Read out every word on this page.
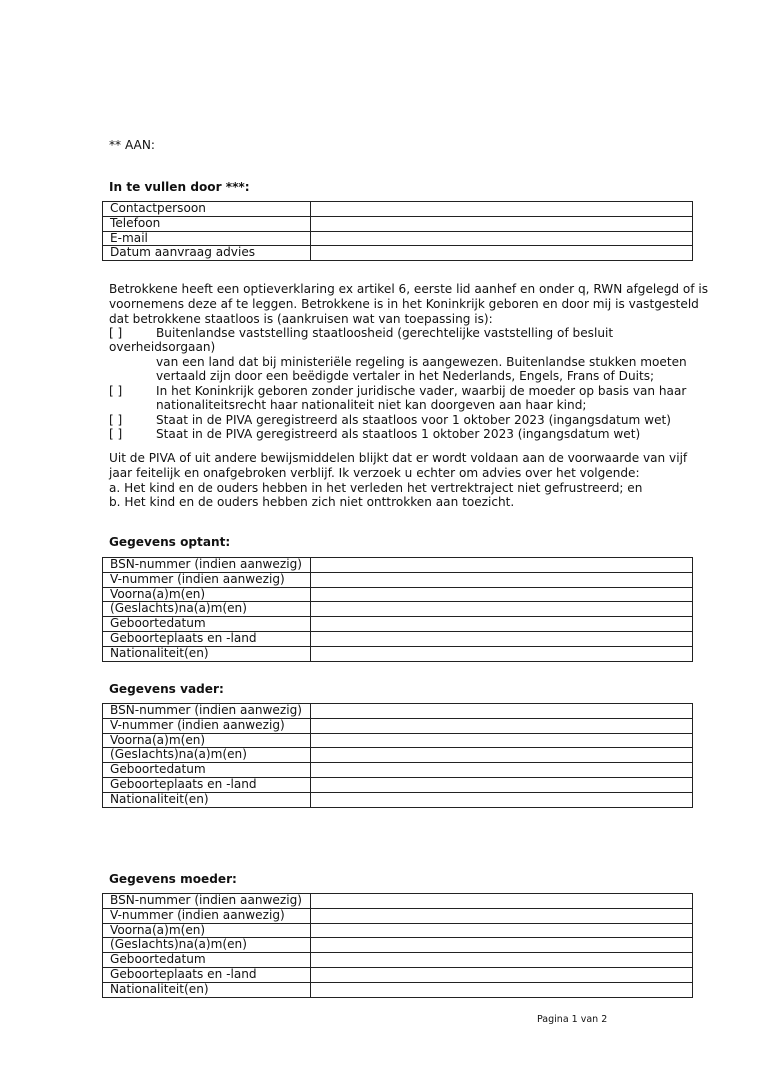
** AAN:
In te vullen door ***:
Contactpersoon	
Telefoon	
E-mail	
Datum aanvraag advies	
Betrokkene heeft een optieverklaring ex artikel 6, eerste lid aanhef en onder q, RWN afgelegd of is
voornemens deze af te leggen. Betrokkene is in het Koninkrijk geboren en door mij is vastgesteld
dat betrokkene staatloos is (aankruisen wat van toepassing is):
[ ]	Buitenlandse vaststelling staatloosheid (gerechtelijke vaststelling of besluit
overheidsorgaan)
van een land dat bij ministeriële regeling is aangewezen. Buitenlandse stukken moeten
vertaald zijn door een beëdigde vertaler in het Nederlands, Engels, Frans of Duits;
[ ]	In het Koninkrijk geboren zonder juridische vader, waarbij de moeder op basis van haar
nationaliteitsrecht haar nationaliteit niet kan doorgeven aan haar kind;
[ ]	Staat in de PIVA geregistreerd als staatloos voor 1 oktober 2023 (ingangsdatum wet)
[ ]	Staat in de PIVA geregistreerd als staatloos 1 oktober 2023 (ingangsdatum wet)
Uit de PIVA of uit andere bewijsmiddelen blijkt dat er wordt voldaan aan de voorwaarde van vijf
jaar feitelijk en onafgebroken verblijf. Ik verzoek u echter om advies over het volgende:
a. Het kind en de ouders hebben in het verleden het vertrektraject niet gefrustreerd; en
b. Het kind en de ouders hebben zich niet onttrokken aan toezicht.
Gegevens optant:
BSN-nummer (indien aanwezig)	
V-nummer (indien aanwezig)	
Voorna(a)m(en)	
(Geslachts)na(a)m(en)	
Geboortedatum	
Geboorteplaats en -land	
Nationaliteit(en)	
Gegevens vader:
BSN-nummer (indien aanwezig)	
V-nummer (indien aanwezig)	
Voorna(a)m(en)	
(Geslachts)na(a)m(en)	
Geboortedatum	
Geboorteplaats en -land	
Nationaliteit(en)	
Gegevens moeder:
BSN-nummer (indien aanwezig)	
V-nummer (indien aanwezig)	
Voorna(a)m(en)	
(Geslachts)na(a)m(en)	
Geboortedatum	
Geboorteplaats en -land	
Nationaliteit(en)	
Pagina 1 van 2
